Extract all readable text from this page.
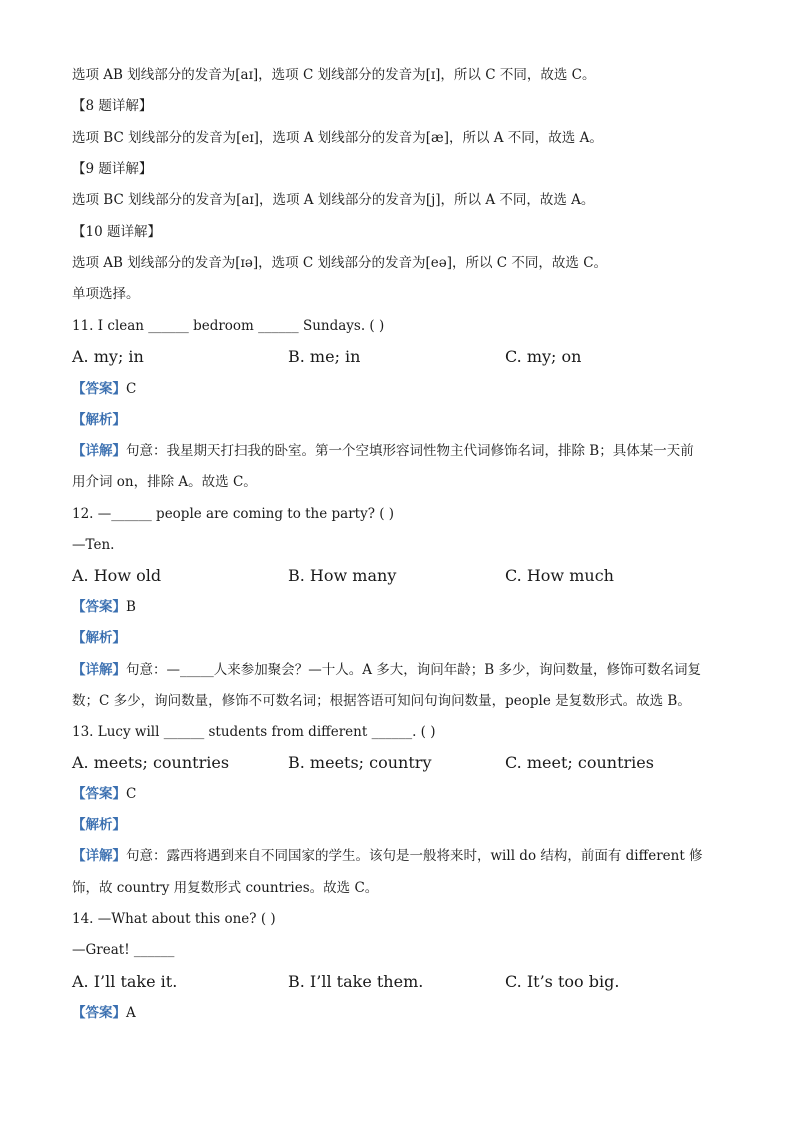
选项 AB 划线部分的发音为[aɪ]，选项 C 划线部分的发音为[ɪ]，所以 C 不同，故选 C。
【8 题详解】
选项 BC 划线部分的发音为[eɪ]，选项 A 划线部分的发音为[æ]，所以 A 不同，故选 A。
【9 题详解】
选项 BC 划线部分的发音为[aɪ]，选项 A 划线部分的发音为[j]，所以 A 不同，故选 A。
【10 题详解】
选项 AB 划线部分的发音为[ɪə]，选项 C 划线部分的发音为[eə]，所以 C 不同，故选 C。
单项选择。
11. I clean ______ bedroom ______ Sundays. ( )
A. my; in	B. me; in	C. my; on
【答案】C
【解析】
【详解】句意：我星期天打扫我的卧室。第一个空填形容词性物主代词修饰名词，排除 B；具体某一天前
用介词 on，排除 A。故选 C。
12. —______ people are coming to the party? ( )
—Ten.
A. How old	B. How many	C. How much
【答案】B
【解析】
【详解】句意：—_____人来参加聚会？—十人。A 多大，询问年龄；B 多少，询问数量，修饰可数名词复
数；C 多少，询问数量，修饰不可数名词；根据答语可知问句询问数量，people 是复数形式。故选 B。
13. Lucy will ______ students from different ______. ( )
A. meets; countries	B. meets; country	C. meet; countries
【答案】C
【解析】
【详解】句意：露西将遇到来自不同国家的学生。该句是一般将来时，will do 结构，前面有 different 修
饰，故 country 用复数形式 countries。故选 C。
14. —What about this one? ( )
—Great! ______
A. I’ll take it.	B. I’ll take them.	C. It’s too big.
【答案】A
